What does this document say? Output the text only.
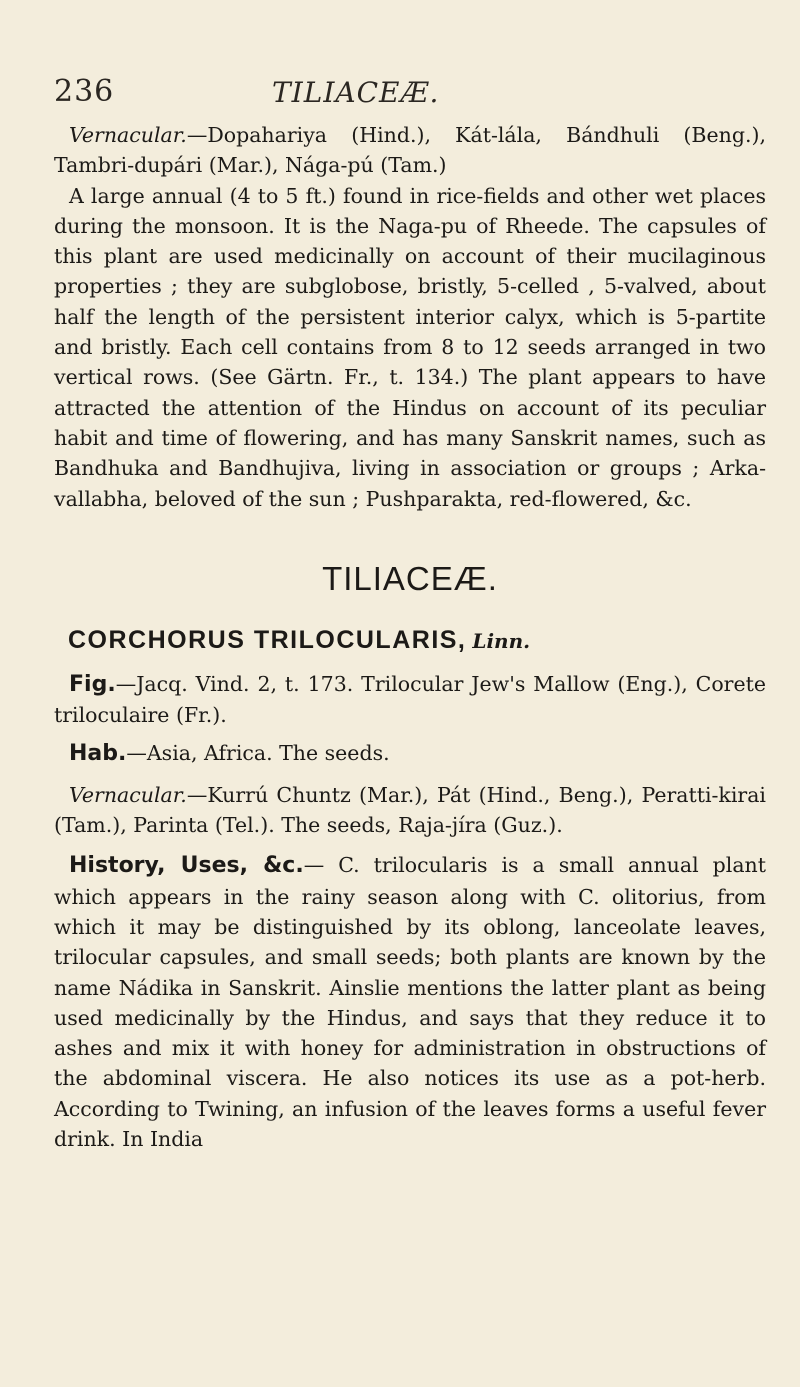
236	TILIACEÆ.

Vernacular.—Dopahariya (Hind.), Kát-lála, Bándhuli (Beng.), Tambri-dupári (Mar.), Nága-pú (Tam.)

A large annual (4 to 5 ft.) found in rice-fields and other wet places during the monsoon. It is the Naga-pu of Rheede. The capsules of this plant are used medicinally on account of their mucilaginous properties ; they are subglobose, bristly, 5-celled , 5-valved, about half the length of the persistent interior calyx, which is 5-partite and bristly. Each cell contains from 8 to 12 seeds arranged in two vertical rows. (See Gärtn. Fr., t. 134.) The plant appears to have attracted the attention of the Hindus on account of its peculiar habit and time of flowering, and has many Sanskrit names, such as Bandhuka and Bandhujiva, living in association or groups ; Arka-vallabha, beloved of the sun ; Pushparakta, red-flowered, &c.

TILIACEÆ.
CORCHORUS TRILOCULARIS, Linn.

Fig.—Jacq. Vind. 2, t. 173. Trilocular Jew's Mallow (Eng.), Corete triloculaire (Fr.).

Hab.—Asia, Africa. The seeds.

Vernacular.—Kurrú Chuntz (Mar.), Pát (Hind., Beng.), Peratti-kirai (Tam.), Parinta (Tel.). The seeds, Raja-jíra (Guz.).

History, Uses, &c.— C. trilocularis is a small annual plant which appears in the rainy season along with C. olitorius, from which it may be distinguished by its oblong, lanceolate leaves, trilocular capsules, and small seeds; both plants are known by the name Nádika in Sanskrit. Ainslie mentions the latter plant as being used medicinally by the Hindus, and says that they reduce it to ashes and mix it with honey for administration in obstructions of the abdominal viscera. He also notices its use as a pot-herb. According to Twining, an infusion of the leaves forms a useful fever drink. In India
